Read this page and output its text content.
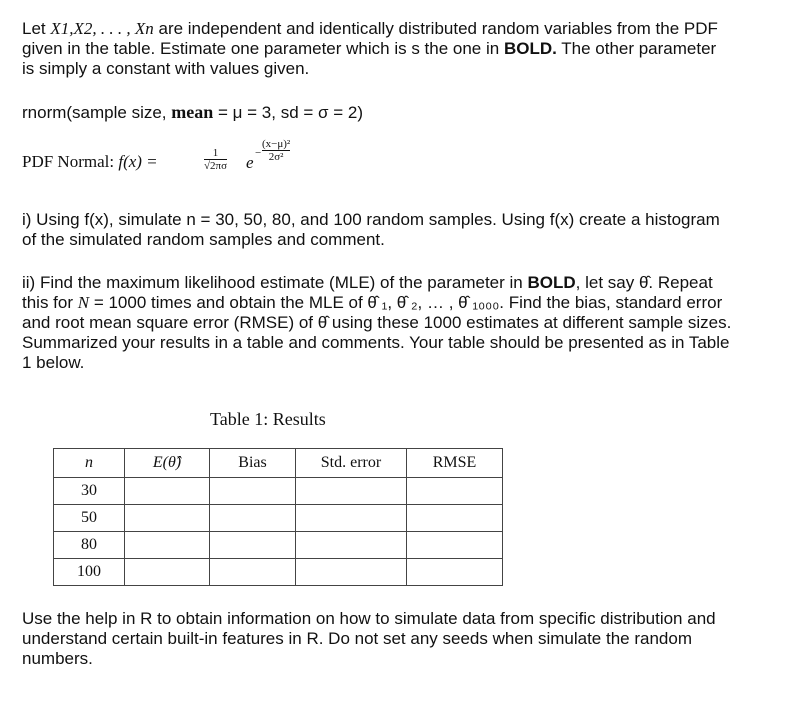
Let X1,X2, . . . , Xn are independent and identically distributed random variables from the PDF
given in the table. Estimate one parameter which is s the one in BOLD. The other parameter
is simply a constant with values given.
rnorm(sample size, mean = μ = 3, sd = σ = 2)
PDF Normal: f(x) =	$\frac{1}{√2\pi\sigma}$ $e - \frac{\text{(x−μ)²}}{\text{2σ²}}$
i) Using f(x), simulate n = 30, 50, 80, and 100 random samples. Using f(x) create a histogram
of the simulated random samples and comment.
ii) Find the maximum likelihood estimate (MLE) of the parameter in BOLD, let say θ̂. Repeat
this for N = 1000 times and obtain the MLE of θ̂ ₁, θ̂ ₂, … , θ̂ ₁₀₀₀. Find the bias, standard error
and root mean square error (RMSE) of θ̂ using these 1000 estimates at different sample sizes.
Summarized your results in a table and comments. Your table should be presented as in Table
1 below.
Table 1: Results
n	E(θ̂)	Bias	Std. error	RMSE
30				
50				
80				
100				
Use the help in R to obtain information on how to simulate data from specific distribution and
understand certain built-in features in R. Do not set any seeds when simulate the random
numbers.
